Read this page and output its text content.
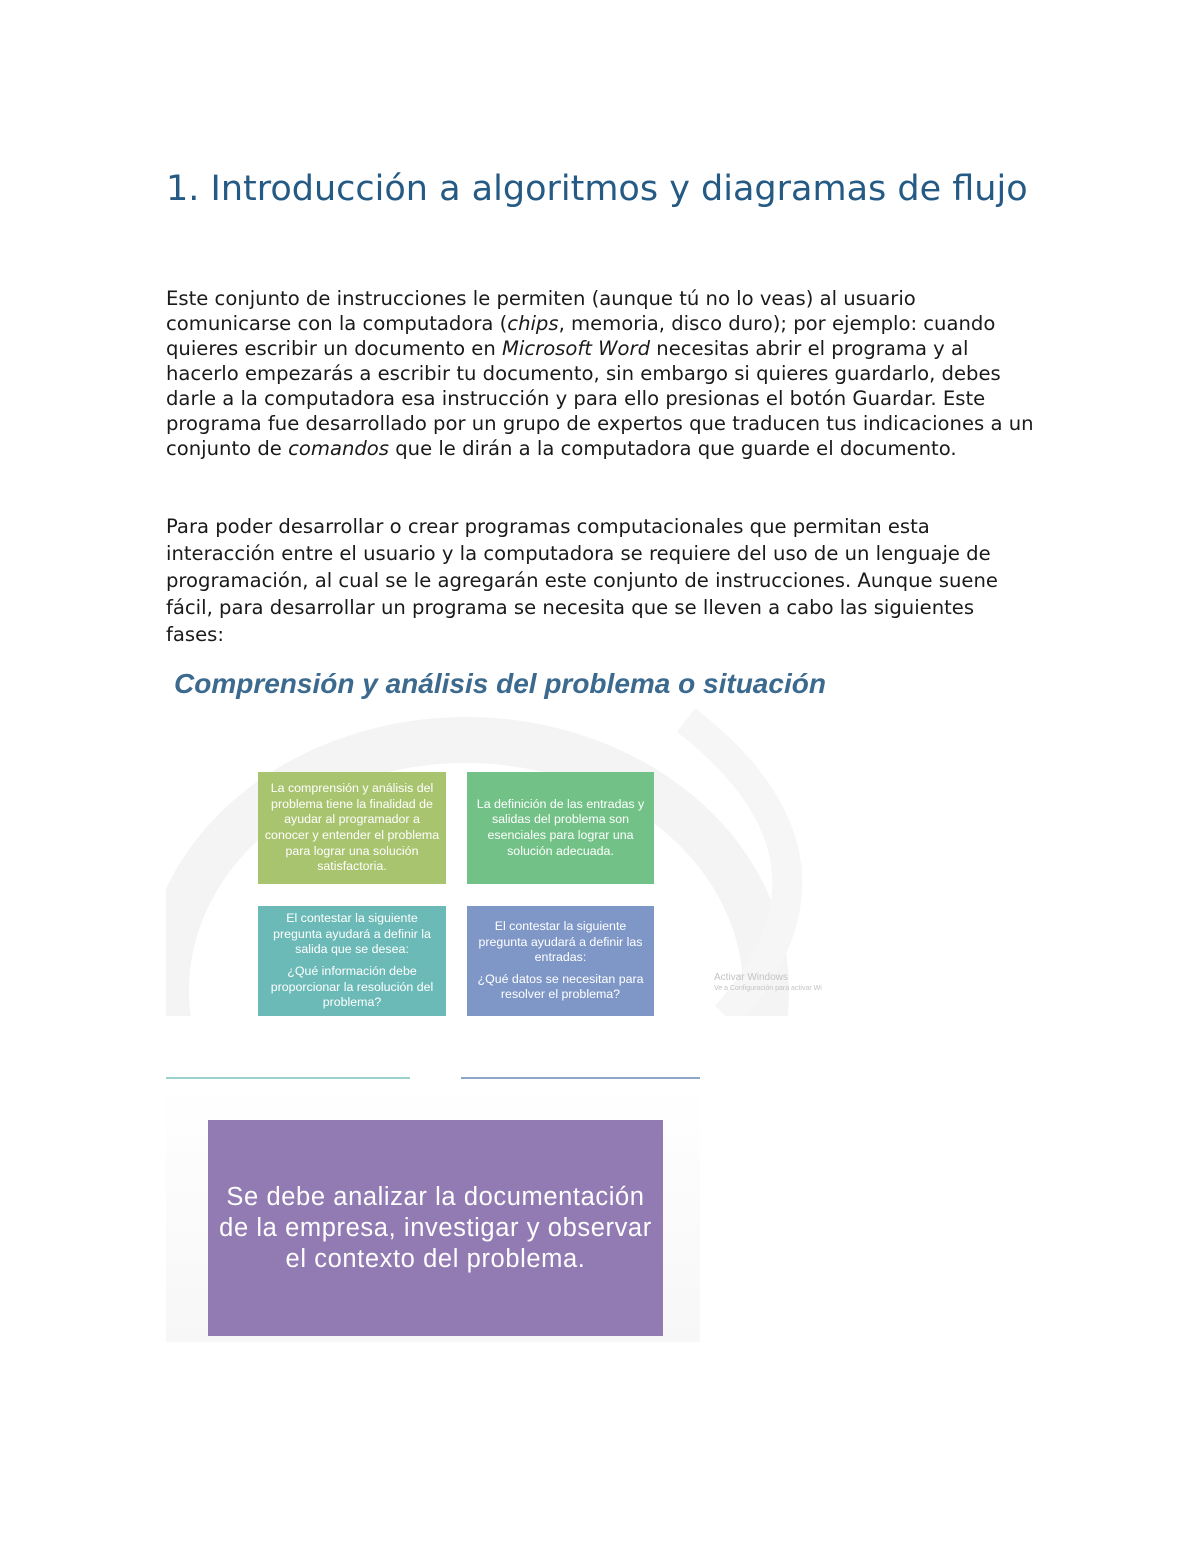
1. Introducción a algoritmos y diagramas de flujo

Este conjunto de instrucciones le permiten (aunque tú no lo veas) al usuario comunicarse con la computadora (chips, memoria, disco duro); por ejemplo: cuando quieres escribir un documento en Microsoft Word necesitas abrir el programa y al hacerlo empezarás a escribir tu documento, sin embargo si quieres guardarlo, debes darle a la computadora esa instrucción y para ello presionas el botón Guardar. Este programa fue desarrollado por un grupo de expertos que traducen tus indicaciones a un conjunto de comandos que le dirán a la computadora que guarde el documento.

Para poder desarrollar o crear programas computacionales que permitan esta interacción entre el usuario y la computadora se requiere del uso de un lenguaje de programación, al cual se le agregarán este conjunto de instrucciones. Aunque suene fácil, para desarrollar un programa se necesita que se lleven a cabo las siguientes fases:

Comprensión y análisis del problema o situación

La comprensión y análisis del problema tiene la finalidad de ayudar al programador a conocer y entender el problema para lograr una solución satisfactoria.

La definición de las entradas y salidas del problema son esenciales para lograr una solución adecuada.

El contestar la siguiente pregunta ayudará a definir la salida que se desea:

¿Qué información debe proporcionar la resolución del problema?

El contestar la siguiente pregunta ayudará a definir las entradas:

¿Qué datos se necesitan para resolver el problema?

Activar Windows
Ve a Configuración para activar Wi

Se debe analizar la documentación de la empresa, investigar y observar el contexto del problema.
